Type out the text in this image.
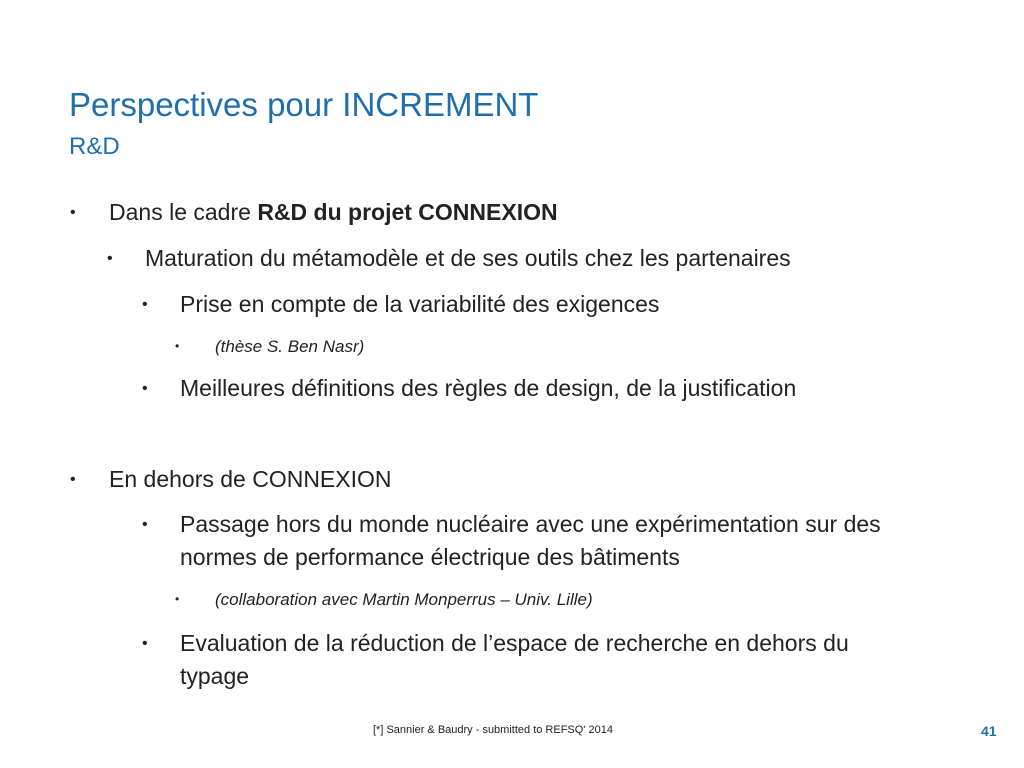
Perspectives pour INCREMENT
R&D
• Dans le cadre R&D du projet CONNEXION
• Maturation du métamodèle et de ses outils chez les partenaires
• Prise en compte de la variabilité des exigences
• (thèse S. Ben Nasr)
• Meilleures définitions des règles de design, de la justification
• En dehors de CONNEXION
• Passage hors du monde nucléaire avec une expérimentation sur des
normes de performance électrique des bâtiments
• (collaboration avec Martin Monperrus – Univ. Lille)
• Evaluation de la réduction de l’espace de recherche en dehors du
typage
[*] Sannier & Baudry - submitted to REFSQ' 2014	41
